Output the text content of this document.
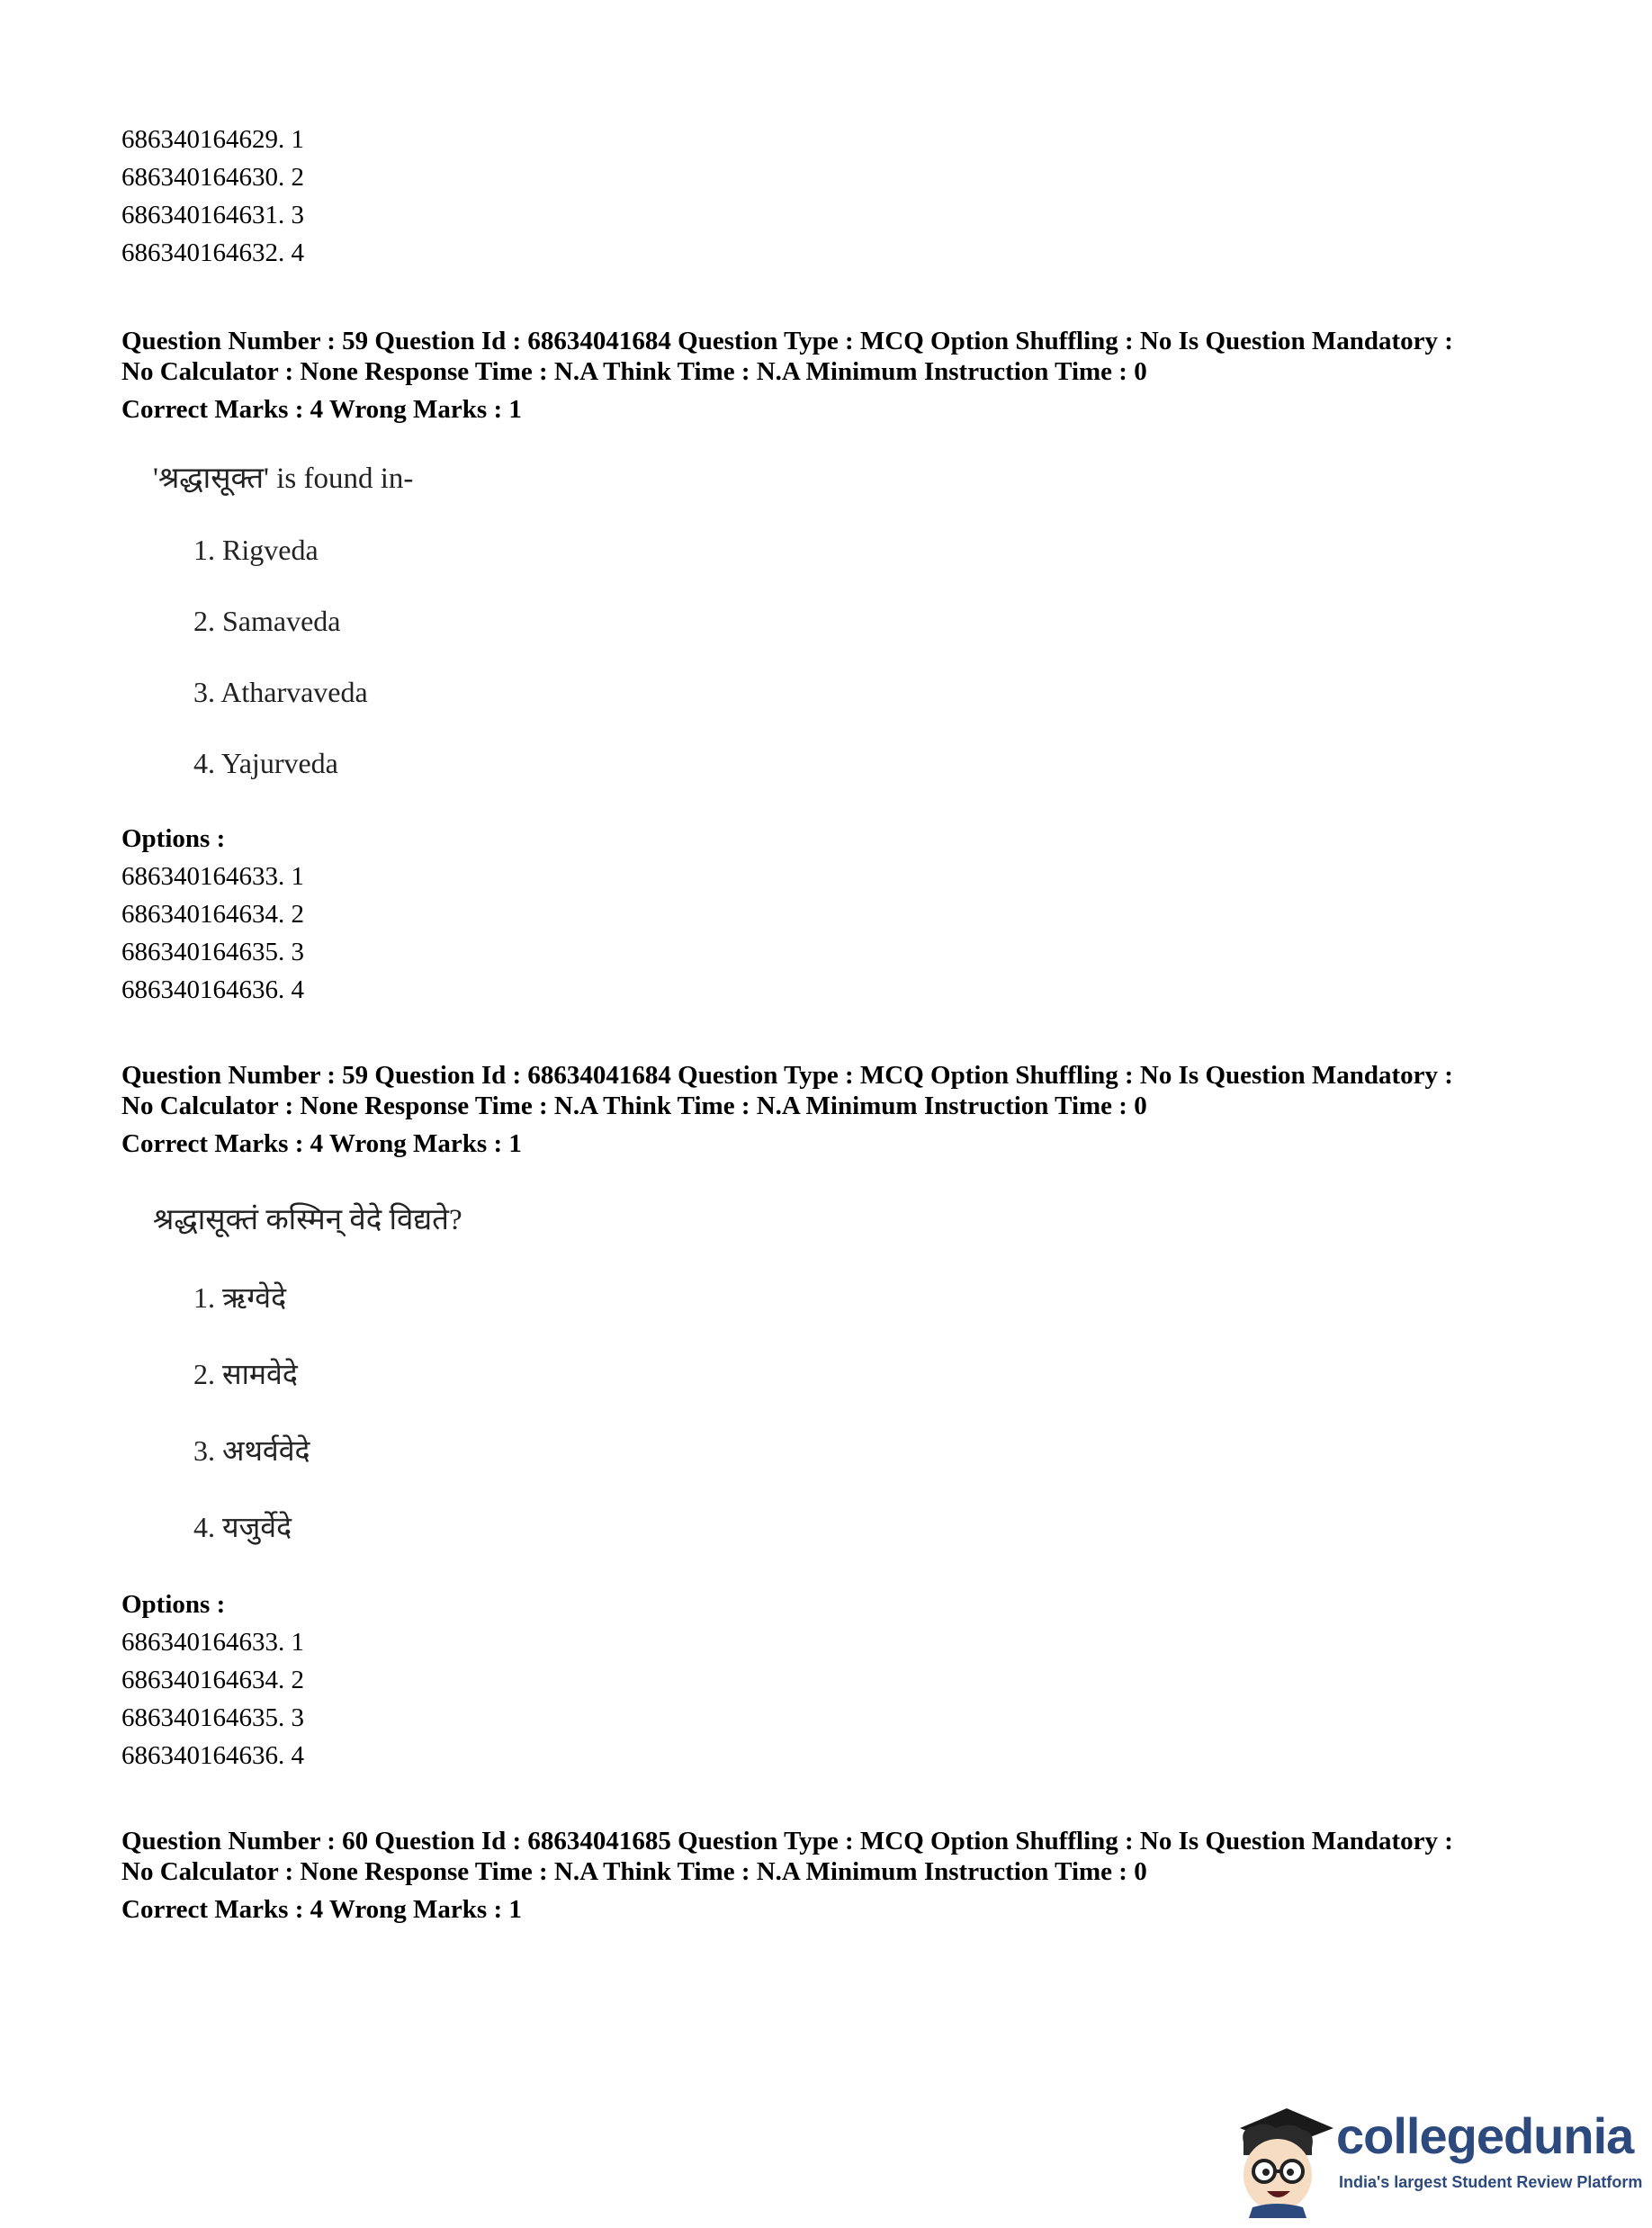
686340164629. 1
686340164630. 2
686340164631. 3
686340164632. 4
Question Number : 59 Question Id : 68634041684 Question Type : MCQ Option Shuffling : No Is Question Mandatory :
No Calculator : None Response Time : N.A Think Time : N.A Minimum Instruction Time : 0
Correct Marks : 4 Wrong Marks : 1
'श्रद्धासूक्त' is found in-
1. Rigveda
2. Samaveda
3. Atharvaveda
4. Yajurveda
Options :
686340164633. 1
686340164634. 2
686340164635. 3
686340164636. 4
Question Number : 59 Question Id : 68634041684 Question Type : MCQ Option Shuffling : No Is Question Mandatory :
No Calculator : None Response Time : N.A Think Time : N.A Minimum Instruction Time : 0
Correct Marks : 4 Wrong Marks : 1
श्रद्धासूक्तं कस्मिन् वेदे विद्यते?
1. ऋग्वेदे
2. सामवेदे
3. अथर्ववेदे
4. यजुर्वेदे
Options :
686340164633. 1
686340164634. 2
686340164635. 3
686340164636. 4
Question Number : 60 Question Id : 68634041685 Question Type : MCQ Option Shuffling : No Is Question Mandatory :
No Calculator : None Response Time : N.A Think Time : N.A Minimum Instruction Time : 0
Correct Marks : 4 Wrong Marks : 1
collegedunia
India's largest Student Review Platform
